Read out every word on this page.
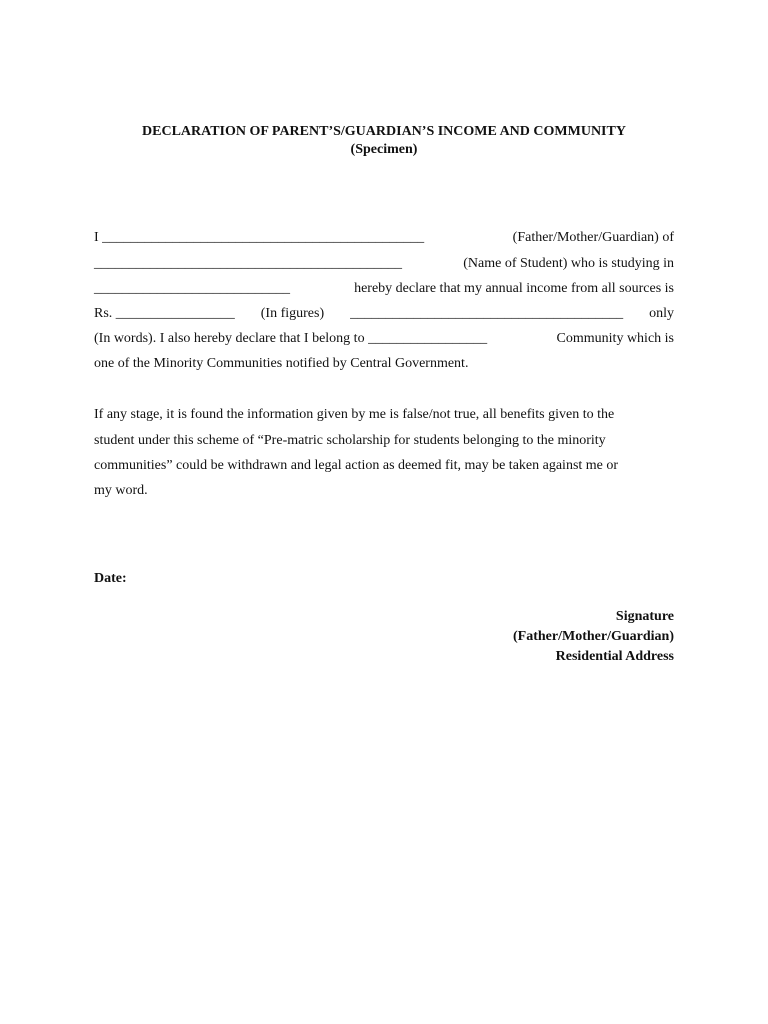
DECLARATION OF PARENT’S/GUARDIAN’S INCOME AND COMMUNITY
(Specimen)
I ______________________________________________	(Father/Mother/Guardian) of
____________________________________________	(Name of Student) who is studying in
____________________________	hereby declare that my annual income from all sources is
Rs. _________________ (In figures) _______________________________________ only
(In words). I also hereby declare that I belong to _________________	Community which is
one of the Minority Communities notified by Central Government.
If any stage, it is found the information given by me is false/not true, all benefits given to the
student under this scheme of “Pre-matric scholarship for students belonging to the minority
communities” could be withdrawn and legal action as deemed fit, may be taken against me or
my word.
Date:
Signature
(Father/Mother/Guardian)
Residential Address
